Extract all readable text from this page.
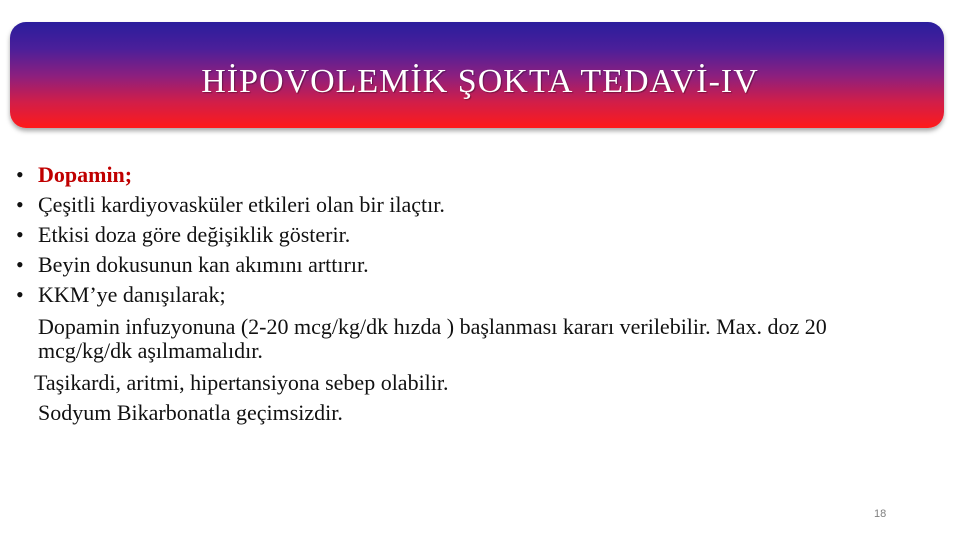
HİPOVOLEMİK ŞOKTA TEDAVİ-IV
• Dopamin;
• Çeşitli kardiyovasküler etkileri olan bir ilaçtır.
• Etkisi doza göre değişiklik gösterir.
• Beyin dokusunun kan akımını arttırır.
• KKM’ye danışılarak;

Dopamin infuzyonuna (2-20 mcg/kg/dk hızda ) başlanması kararı verilebilir. Max. doz 20 mcg/kg/dk aşılmamalıdır.

Taşikardi, aritmi, hipertansiyona sebep olabilir.

Sodyum Bikarbonatla geçimsizdir.

18
